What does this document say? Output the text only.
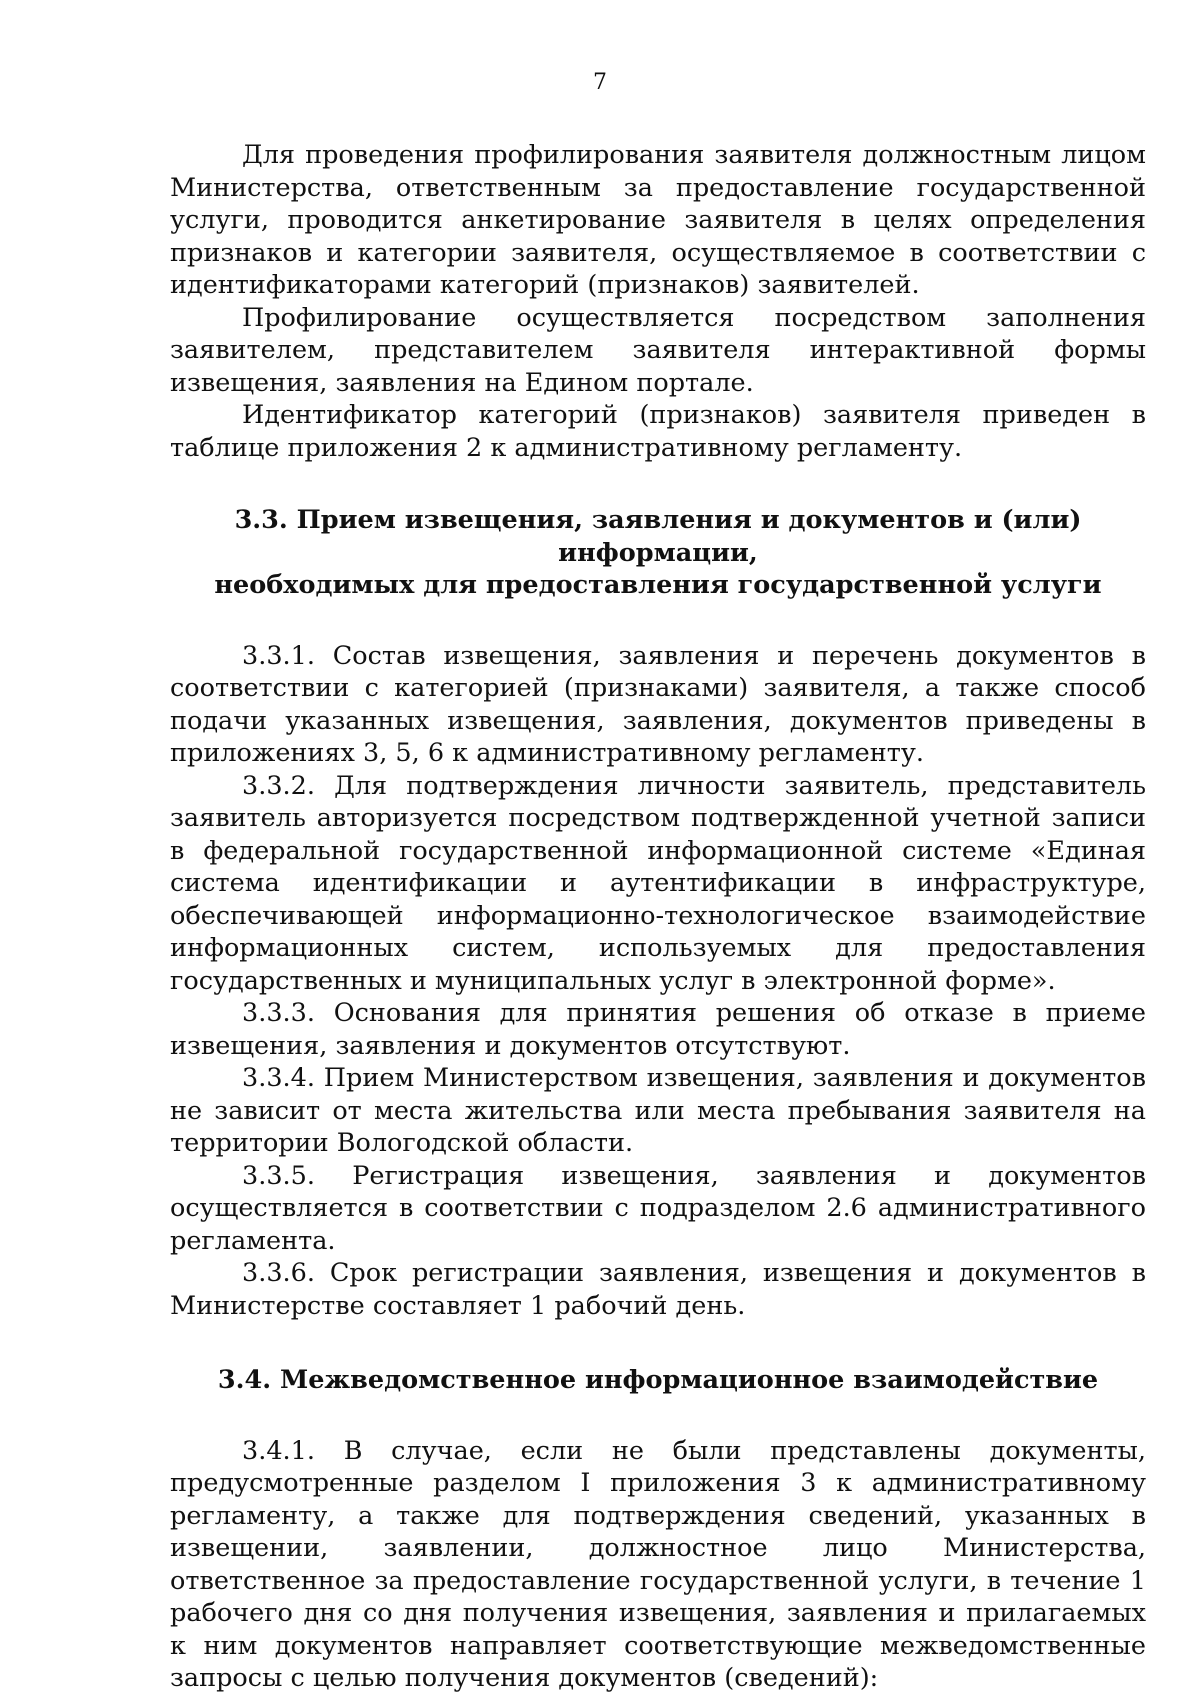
7

Для проведения профилирования заявителя должностным лицом Министерства, ответственным за предоставление государственной услуги, проводится анкетирование заявителя в целях определения признаков и категории заявителя, осуществляемое в соответствии с идентификаторами категорий (признаков) заявителей.

Профилирование осуществляется посредством заполнения заявителем, представителем заявителя интерактивной формы извещения, заявления на Едином портале.

Идентификатор категорий (признаков) заявителя приведен в таблице приложения 2 к административному регламенту.

3.3. Прием извещения, заявления и документов и (или) информации,
необходимых для предоставления государственной услуги

3.3.1. Состав извещения, заявления и перечень документов в соответствии с категорией (признаками) заявителя, а также способ подачи указанных извещения, заявления, документов приведены в приложениях 3, 5, 6 к административному регламенту.

3.3.2. Для подтверждения личности заявитель, представитель заявитель авторизуется посредством подтвержденной учетной записи в федеральной государственной информационной системе «Единая система идентификации и аутентификации в инфраструктуре, обеспечивающей информационно-технологическое взаимодействие информационных систем, используемых для предоставления государственных и муниципальных услуг в электронной форме».

3.3.3. Основания для принятия решения об отказе в приеме извещения, заявления и документов отсутствуют.

3.3.4. Прием Министерством извещения, заявления и документов не зависит от места жительства или места пребывания заявителя на территории Вологодской области.

3.3.5. Регистрация извещения, заявления и документов осуществляется в соответствии с подразделом 2.6 административного регламента.

3.3.6. Срок регистрации заявления, извещения и документов в Министерстве составляет 1 рабочий день.

3.4. Межведомственное информационное взаимодействие

3.4.1. В случае, если не были представлены документы, предусмотренные разделом I приложения 3 к административному регламенту, а также для подтверждения сведений, указанных в извещении, заявлении, должностное лицо Министерства, ответственное за предоставление государственной услуги, в течение 1 рабочего дня со дня получения извещения, заявления и прилагаемых к ним документов направляет соответствующие межведомственные запросы с целью получения документов (сведений):
